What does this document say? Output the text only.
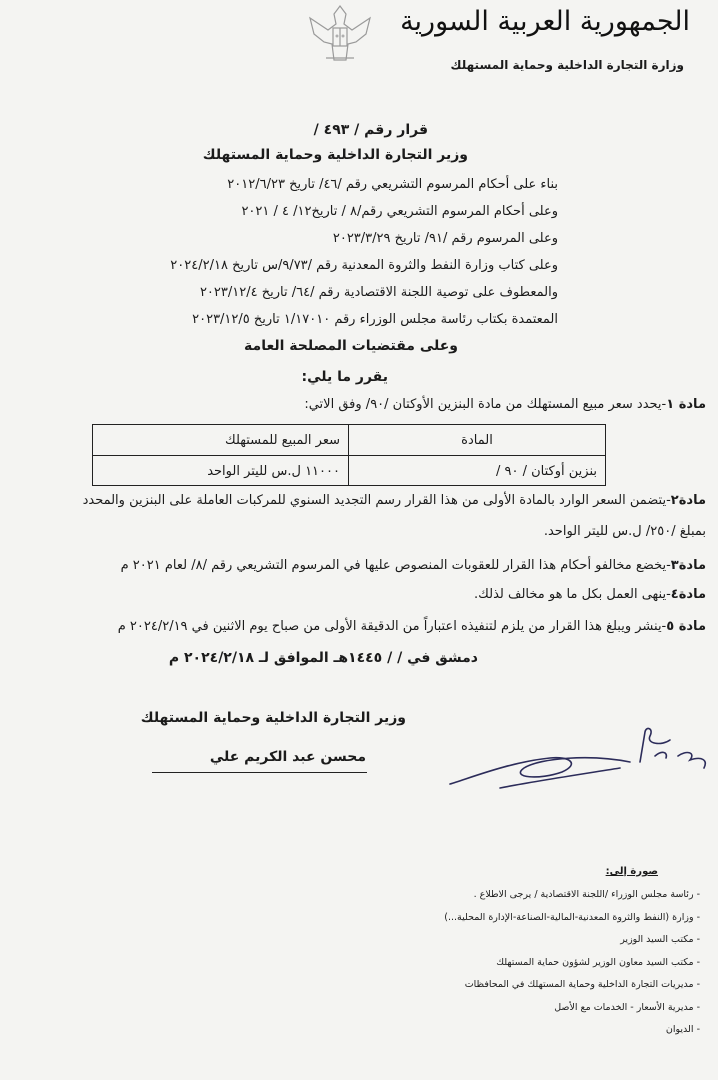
الجمهورية العربية السورية
وزارة التجارة الداخلية وحماية المستهلك
قرار رقم / ٤٩٣ /
وزير التجارة الداخلية وحماية المستهلك
بناء على أحكام المرسوم التشريعي رقم /٤٦/ تاريخ ٢٠١٢/٦/٢٣
وعلى أحكام المرسوم التشريعي رقم/٨ / تاريخ١٢/ ٤ / ٢٠٢١
وعلى المرسوم رقم /٩١/ تاريخ ٢٠٢٣/٣/٢٩
وعلى كتاب وزارة النفط والثروة المعدنية رقم /٩/٧٣/س تاريخ ٢٠٢٤/٢/١٨
والمعطوف على توصية اللجنة الاقتصادية رقم /٦٤/ تاريخ ٢٠٢٣/١٢/٤
المعتمدة بكتاب رئاسة مجلس الوزراء رقم ١/١٧٠١٠ تاريخ ٢٠٢٣/١٢/٥
وعلى مقتضيات المصلحة العامة
يقرر ما يلي:
مادة ١-يحدد سعر مبيع المستهلك من مادة البنزين الأوكتان /٩٠/ وفق الاتي:
المادة
سعر المبيع للمستهلك
بنزين أوكتان / ٩٠ /
١١٠٠٠ ل.س لليتر الواحد
مادة٢-يتضمن السعر الوارد بالمادة الأولى من هذا القرار رسم التجديد السنوي للمركبات العاملة على البنزين والمحدد
بمبلغ /٢٥٠/ ل.س لليتر الواحد.
مادة٣-يخضع مخالفو أحكام هذا القرار للعقوبات المنصوص عليها في المرسوم التشريعي رقم /٨/ لعام ٢٠٢١ م
مادة٤-ينهى العمل بكل ما هو مخالف لذلك.
مادة ٥-ينشر ويبلغ هذا القرار من يلزم لتنفيذه اعتباراً من الدقيقة الأولى من صباح يوم الاثنين في ٢٠٢٤/٢/١٩ م
دمشق في / / ١٤٤٥هـ الموافق لـ ٢٠٢٤/٢/١٨ م
وزير التجارة الداخلية وحماية المستهلك
محسن عبد الكريم علي
صورة إلى:
- رئاسة مجلس الوزراء /اللجنة الاقتصادية / يرجى الاطلاع .
- وزارة (النفط والثروة المعدنية-المالية-الصناعة-الإدارة المحلية...)
- مكتب السيد الوزير
- مكتب السيد معاون الوزير لشؤون حماية المستهلك
- مديريات التجارة الداخلية وحماية المستهلك في المحافظات
- مديرية الأسعار - الخدمات مع الأصل
- الديوان
